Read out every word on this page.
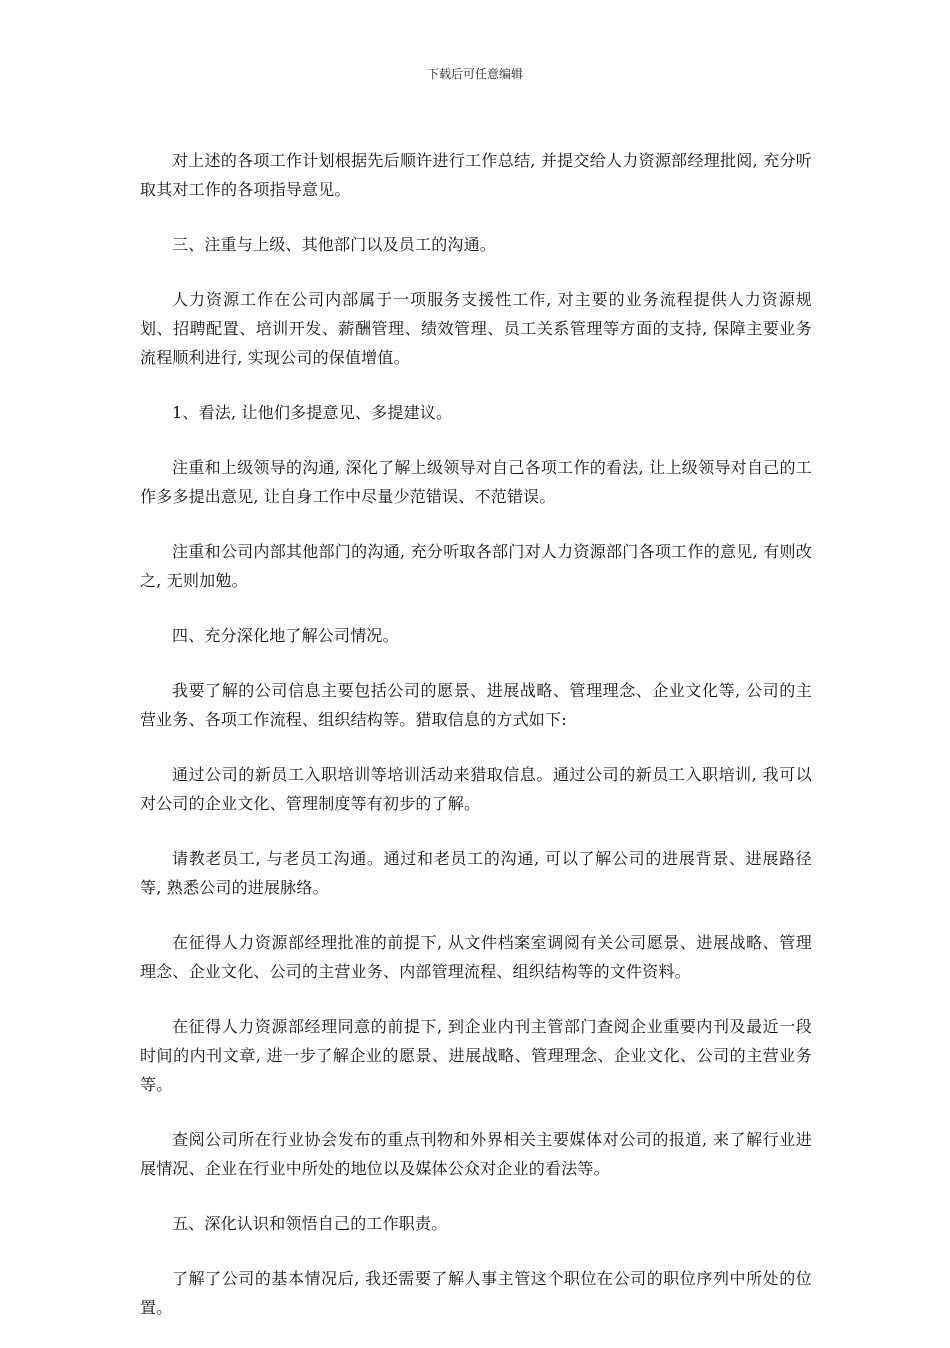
下载后可任意编辑

对上述的各项工作计划根据先后顺许进行工作总结, 并提交给人力资源部经理批阅, 充分听取其对工作的各项指导意见。

三、注重与上级、其他部门以及员工的沟通。

人力资源工作在公司内部属于一项服务支援性工作, 对主要的业务流程提供人力资源规划、招聘配置、培训开发、薪酬管理、绩效管理、员工关系管理等方面的支持, 保障主要业务流程顺利进行, 实现公司的保值增值。

1、看法, 让他们多提意见、多提建议。

注重和上级领导的沟通, 深化了解上级领导对自己各项工作的看法, 让上级领导对自己的工作多多提出意见, 让自身工作中尽量少范错误、不范错误。

注重和公司内部其他部门的沟通, 充分听取各部门对人力资源部门各项工作的意见, 有则改之, 无则加勉。

四、充分深化地了解公司情况。

我要了解的公司信息主要包括公司的愿景、进展战略、管理理念、企业文化等, 公司的主营业务、各项工作流程、组织结构等。猎取信息的方式如下:

通过公司的新员工入职培训等培训活动来猎取信息。通过公司的新员工入职培训, 我可以对公司的企业文化、管理制度等有初步的了解。

请教老员工, 与老员工沟通。通过和老员工的沟通, 可以了解公司的进展背景、进展路径等, 熟悉公司的进展脉络。

在征得人力资源部经理批准的前提下, 从文件档案室调阅有关公司愿景、进展战略、管理理念、企业文化、公司的主营业务、内部管理流程、组织结构等的文件资料。

在征得人力资源部经理同意的前提下, 到企业内刊主管部门查阅企业重要内刊及最近一段时间的内刊文章, 进一步了解企业的愿景、进展战略、管理理念、企业文化、公司的主营业务等。

查阅公司所在行业协会发布的重点刊物和外界相关主要媒体对公司的报道, 来了解行业进展情况、企业在行业中所处的地位以及媒体公众对企业的看法等。

五、深化认识和领悟自己的工作职责。

了解了公司的基本情况后, 我还需要了解人事主管这个职位在公司的职位序列中所处的位置。
